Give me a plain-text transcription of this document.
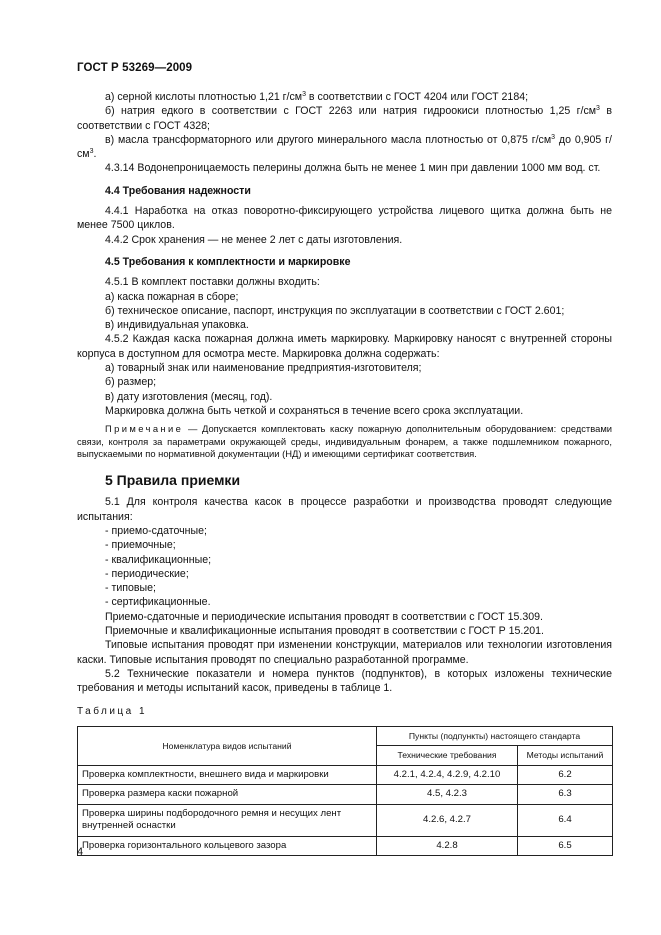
ГОСТ Р 53269—2009

а) серной кислоты плотностью 1,21 $г/см^3$ в соответствии с ГОСТ 4204 или ГОСТ 2184;

б) натрия едкого в соответствии с ГОСТ 2263 или натрия гидроокиси плотностью 1,25 $г/см^3$ в соответствии с ГОСТ 4328;

в) масла трансформаторного или другого минерального масла плотностью от 0,875 $г/см^3$ до 0,905 $г/см^3$.

4.3.14 Водонепроницаемость пелерины должна быть не менее 1 мин при давлении 1000 мм вод. ст.

4.4 Требования надежности

4.4.1 Наработка на отказ поворотно-фиксирующего устройства лицевого щитка должна быть не менее 7500 циклов.

4.4.2 Срок хранения — не менее 2 лет с даты изготовления.

4.5 Требования к комплектности и маркировке

4.5.1 В комплект поставки должны входить:

а) каска пожарная в сборе;

б) техническое описание, паспорт, инструкция по эксплуатации в соответствии с ГОСТ 2.601;

в) индивидуальная упаковка.

4.5.2 Каждая каска пожарная должна иметь маркировку. Маркировку наносят с внутренней стороны корпуса в доступном для осмотра месте. Маркировка должна содержать:

а) товарный знак или наименование предприятия-изготовителя;

б) размер;

в) дату изготовления (месяц, год).

Маркировка должна быть четкой и сохраняться в течение всего срока эксплуатации.

Примечание — Допускается комплектовать каску пожарную дополнительным оборудованием: средствами связи, контроля за параметрами окружающей среды, индивидуальным фонарем, а также подшлемником пожарного, выпускаемыми по нормативной документации (НД) и имеющими сертификат соответствия.

5 Правила приемки

5.1 Для контроля качества касок в процессе разработки и производства проводят следующие испытания:

- приемо-сдаточные;

- приемочные;

- квалификационные;

- периодические;

- типовые;

- сертификационные.

Приемо-сдаточные и периодические испытания проводят в соответствии с ГОСТ 15.309.

Приемочные и квалификационные испытания проводят в соответствии с ГОСТ Р 15.201.

Типовые испытания проводят при изменении конструкции, материалов или технологии изготовления каски. Типовые испытания проводят по специально разработанной программе.

5.2 Технические показатели и номера пунктов (подпунктов), в которых изложены технические требования и методы испытаний касок, приведены в таблице 1.

Таблица 1

Номенклатура видов испытаний	Пункты (подпункты) настоящего стандарта	
	Технические требования	Методы испытаний
Проверка комплектности, внешнего вида и маркировки	4.2.1, 4.2.4, 4.2.9, 4.2.10	6.2
Проверка размера каски пожарной	4.5, 4.2.3	6.3
Проверка ширины подбородочного ремня и несущих лент внутренней оснастки	4.2.6, 4.2.7	6.4
Проверка горизонтального кольцевого зазора	4.2.8	6.5
4
